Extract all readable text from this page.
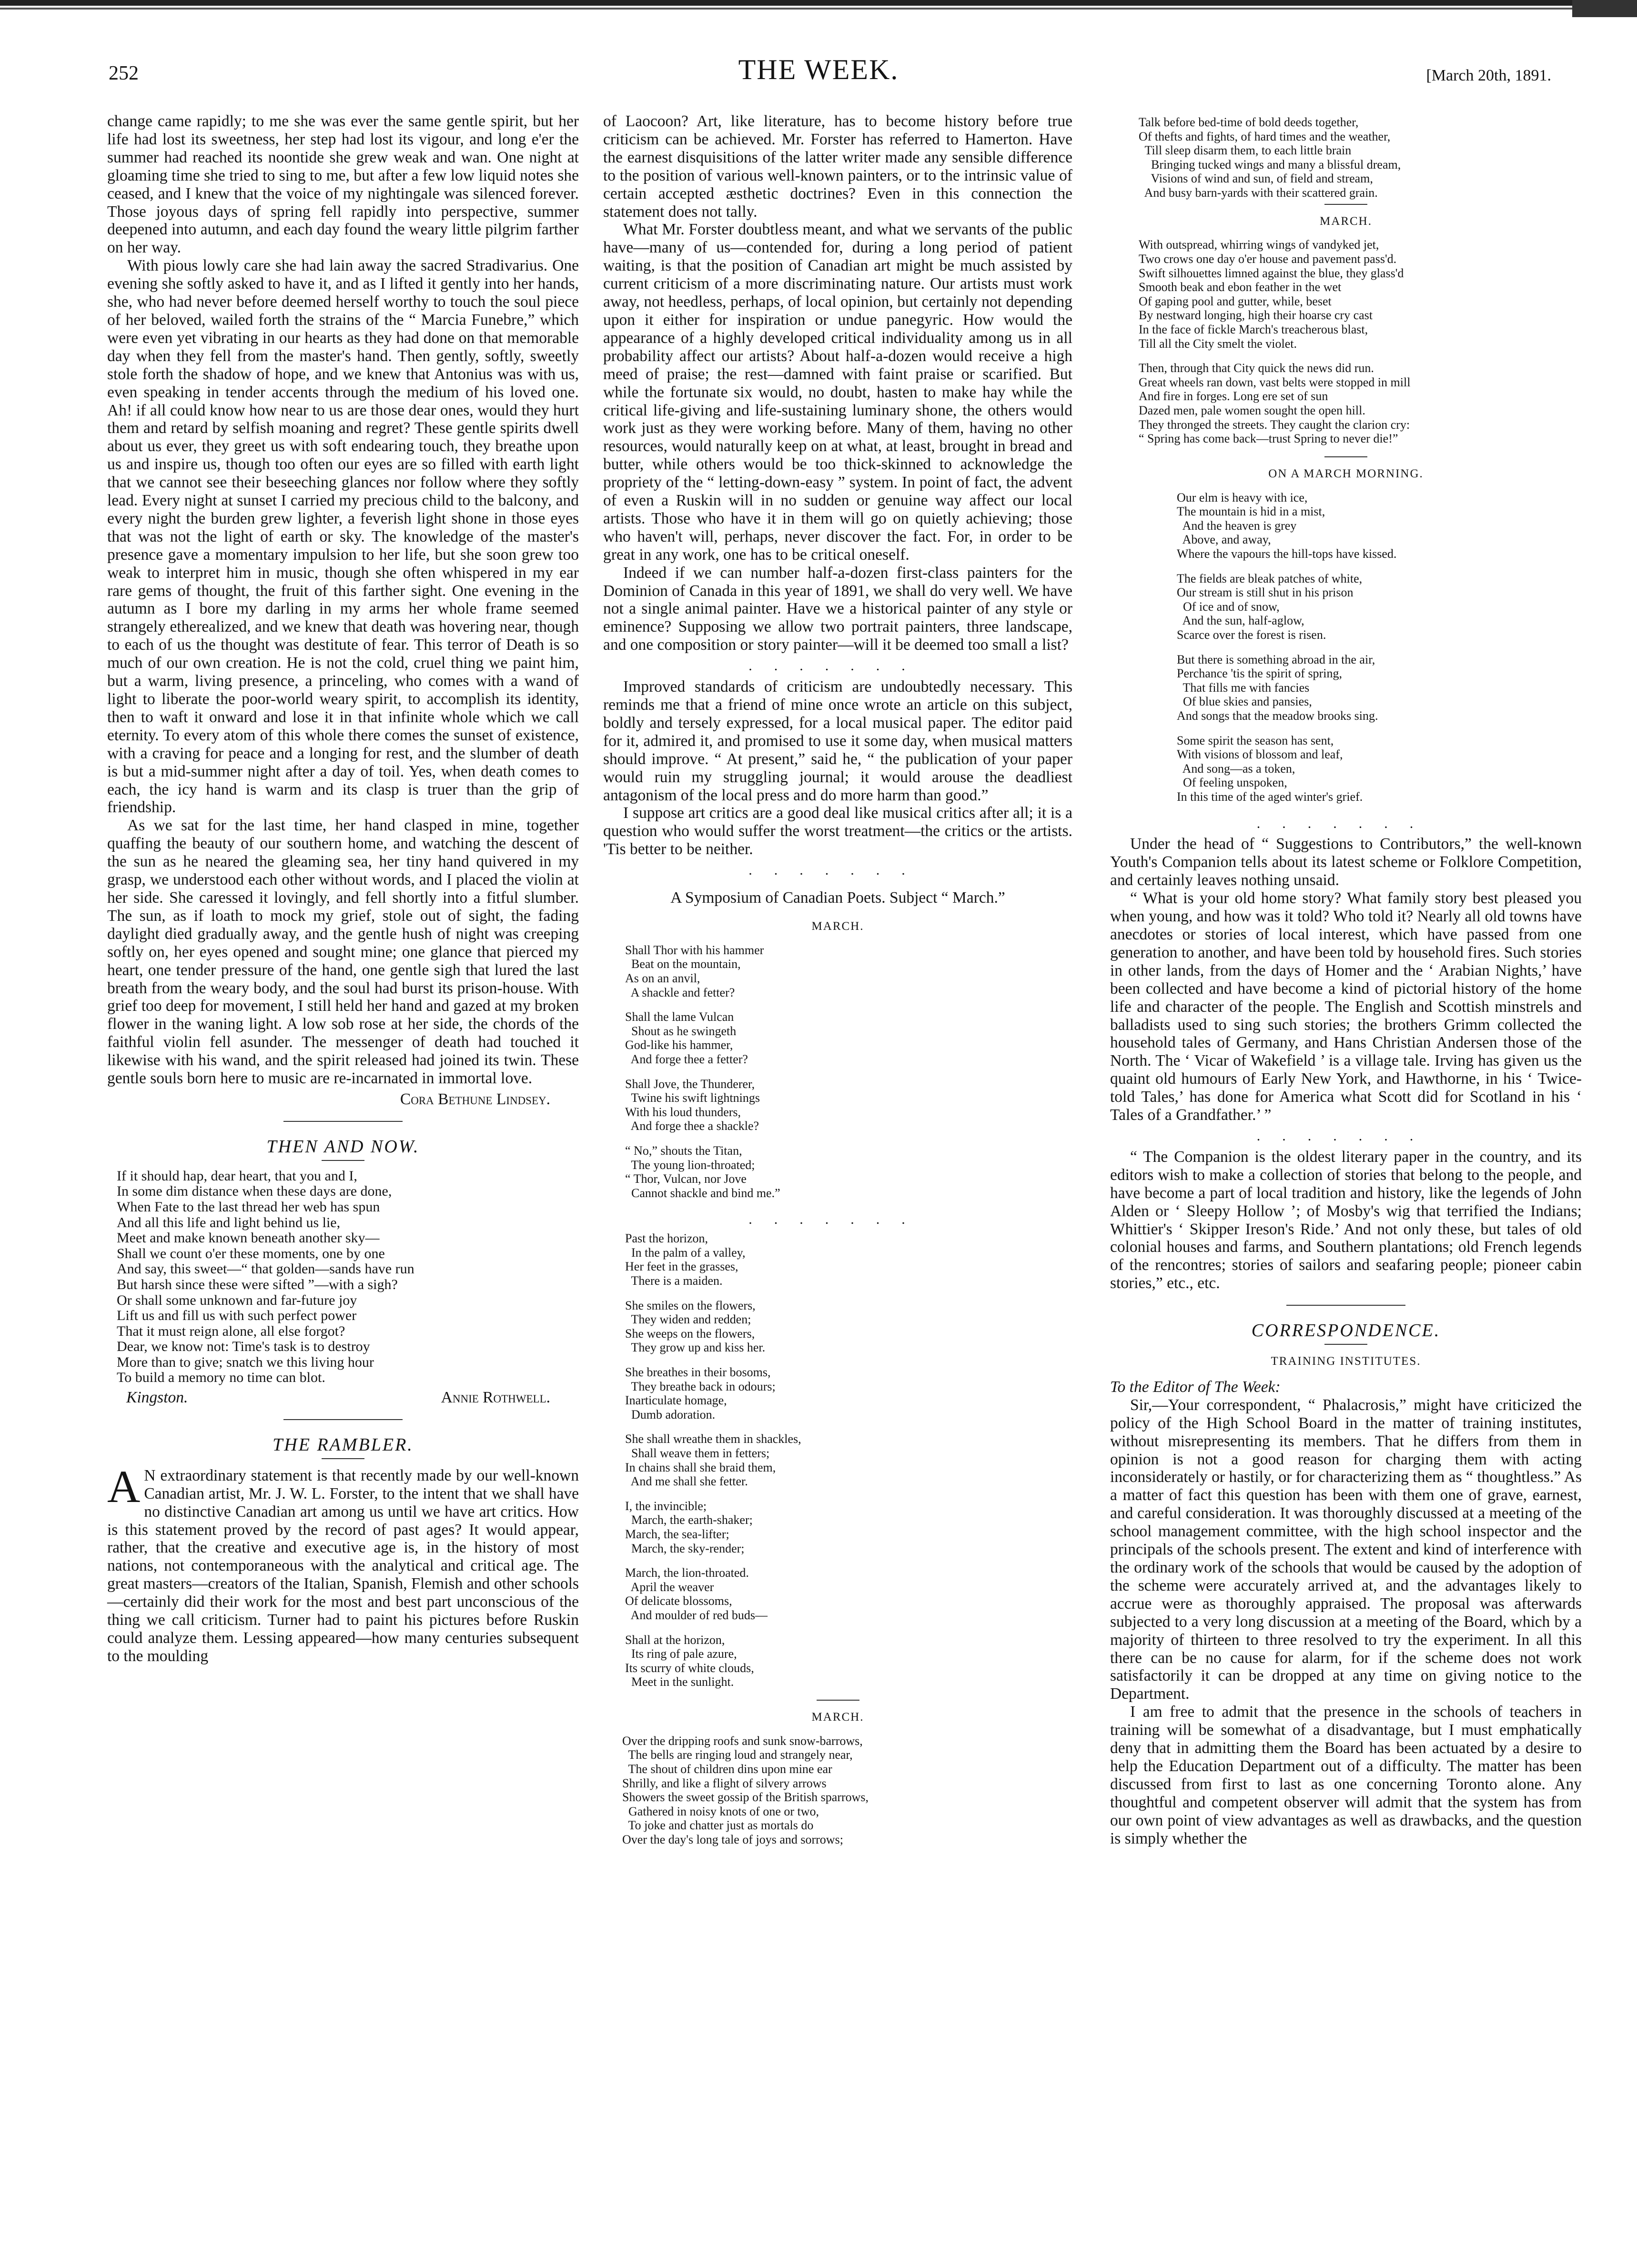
252	THE WEEK.	[March 20th, 1891.

change came rapidly; to me she was ever the same gentle spirit, but her life had lost its sweetness, her step had lost its vigour, and long e'er the summer had reached its noontide she grew weak and wan. One night at gloaming time she tried to sing to me, but after a few low liquid notes she ceased, and I knew that the voice of my nightingale was silenced forever. Those joyous days of spring fell rapidly into perspective, summer deepened into autumn, and each day found the weary little pilgrim farther on her way.

With pious lowly care she had lain away the sacred Stradivarius. One evening she softly asked to have it, and as I lifted it gently into her hands, she, who had never before deemed herself worthy to touch the soul piece of her beloved, wailed forth the strains of the “ Marcia Funebre,” which were even yet vibrating in our hearts as they had done on that memorable day when they fell from the master's hand. Then gently, softly, sweetly stole forth the shadow of hope, and we knew that Antonius was with us, even speaking in tender accents through the medium of his loved one. Ah! if all could know how near to us are those dear ones, would they hurt them and retard by selfish moaning and regret? These gentle spirits dwell about us ever, they greet us with soft endearing touch, they breathe upon us and inspire us, though too often our eyes are so filled with earth light that we cannot see their beseeching glances nor follow where they softly lead. Every night at sunset I carried my precious child to the balcony, and every night the burden grew lighter, a feverish light shone in those eyes that was not the light of earth or sky. The knowledge of the master's presence gave a momentary impulsion to her life, but she soon grew too weak to interpret him in music, though she often whispered in my ear rare gems of thought, the fruit of this farther sight. One evening in the autumn as I bore my darling in my arms her whole frame seemed strangely etherealized, and we knew that death was hovering near, though to each of us the thought was destitute of fear. This terror of Death is so much of our own creation. He is not the cold, cruel thing we paint him, but a warm, living presence, a princeling, who comes with a wand of light to liberate the poor-world weary spirit, to accomplish its identity, then to waft it onward and lose it in that infinite whole which we call eternity. To every atom of this whole there comes the sunset of existence, with a craving for peace and a longing for rest, and the slumber of death is but a mid-summer night after a day of toil. Yes, when death comes to each, the icy hand is warm and its clasp is truer than the grip of friendship.

As we sat for the last time, her hand clasped in mine, together quaffing the beauty of our southern home, and watching the descent of the sun as he neared the gleaming sea, her tiny hand quivered in my grasp, we understood each other without words, and I placed the violin at her side. She caressed it lovingly, and fell shortly into a fitful slumber. The sun, as if loath to mock my grief, stole out of sight, the fading daylight died gradually away, and the gentle hush of night was creeping softly on, her eyes opened and sought mine; one glance that pierced my heart, one tender pressure of the hand, one gentle sigh that lured the last breath from the weary body, and the soul had burst its prison-house. With grief too deep for movement, I still held her hand and gazed at my broken flower in the waning light. A low sob rose at her side, the chords of the faithful violin fell asunder. The messenger of death had touched it likewise with his wand, and the spirit released had joined its twin. These gentle souls born here to music are re-incarnated in immortal love.

Cora Bethune Lindsey.
THEN AND NOW.
If it should hap, dear heart, that you and I,
In some dim distance when these days are done,
When Fate to the last thread her web has spun
And all this life and light behind us lie,
Meet and make known beneath another sky—
Shall we count o'er these moments, one by one
And say, this sweet—“ that golden—sands have run
But harsh since these were sifted ”—with a sigh?
Or shall some unknown and far-future joy
Lift us and fill us with such perfect power
That it must reign alone, all else forgot?
Dear, we know not: Time's task is to destroy
More than to give; snatch we this living hour
To build a memory no time can blot.
Annie Rothwell.
Kingston.
THE RAMBLER.

A N extraordinary statement is that recently made by our well-known Canadian artist, Mr. J. W. L. Forster, to the intent that we shall have no distinctive Canadian art among us until we have art critics. How is this statement proved by the record of past ages? It would appear, rather, that the creative and executive age is, in the history of most nations, not contemporaneous with the analytical and critical age. The great masters—creators of the Italian, Spanish, Flemish and other schools—certainly did their work for the most and best part unconscious of the thing we call criticism. Turner had to paint his pictures before Ruskin could analyze them. Lessing appeared—how many centuries subsequent to the moulding

of Laocoon? Art, like literature, has to become history before true criticism can be achieved. Mr. Forster has referred to Hamerton. Have the earnest disquisitions of the latter writer made any sensible difference to the position of various well-known painters, or to the intrinsic value of certain accepted æsthetic doctrines? Even in this connection the statement does not tally.

What Mr. Forster doubtless meant, and what we servants of the public have—many of us—contended for, during a long period of patient waiting, is that the position of Canadian art might be much assisted by current criticism of a more discriminating nature. Our artists must work away, not heedless, perhaps, of local opinion, but certainly not depending upon it either for inspiration or undue panegyric. How would the appearance of a highly developed critical individuality among us in all probability affect our artists? About half-a-dozen would receive a high meed of praise; the rest—damned with faint praise or scarified. But while the fortunate six would, no doubt, hasten to make hay while the critical life-giving and life-sustaining luminary shone, the others would work just as they were working before. Many of them, having no other resources, would naturally keep on at what, at least, brought in bread and butter, while others would be too thick-skinned to acknowledge the propriety of the “ letting-down-easy ” system. In point of fact, the advent of even a Ruskin will in no sudden or genuine way affect our local artists. Those who have it in them will go on quietly achieving; those who haven't will, perhaps, never discover the fact. For, in order to be great in any work, one has to be critical oneself.

Indeed if we can number half-a-dozen first-class painters for the Dominion of Canada in this year of 1891, we shall do very well. We have not a single animal painter. Have we a historical painter of any style or eminence? Supposing we allow two portrait painters, three landscape, and one composition or story painter—will it be deemed too small a list?

.......

Improved standards of criticism are undoubtedly necessary. This reminds me that a friend of mine once wrote an article on this subject, boldly and tersely expressed, for a local musical paper. The editor paid for it, admired it, and promised to use it some day, when musical matters should improve. “ At present,” said he, “ the publication of your paper would ruin my struggling journal; it would arouse the deadliest antagonism of the local press and do more harm than good.”

I suppose art critics are a good deal like musical critics after all; it is a question who would suffer the worst treatment—the critics or the artists. 'Tis better to be neither.

.......
A Symposium of Canadian Poets. Subject “ March.”
MARCH.
Shall Thor with his hammer
Beat on the mountain,
As on an anvil,
A shackle and fetter?
Shall the lame Vulcan
Shout as he swingeth
God-like his hammer,
And forge thee a fetter?
Shall Jove, the Thunderer,
Twine his swift lightnings
With his loud thunders,
And forge thee a shackle?
“ No,” shouts the Titan,
The young lion-throated;
“ Thor, Vulcan, nor Jove
Cannot shackle and bind me.”
.......
Past the horizon,
In the palm of a valley,
Her feet in the grasses,
There is a maiden.
She smiles on the flowers,
They widen and redden;
She weeps on the flowers,
They grow up and kiss her.
She breathes in their bosoms,
They breathe back in odours;
Inarticulate homage,
Dumb adoration.
She shall wreathe them in shackles,
Shall weave them in fetters;
In chains shall she braid them,
And me shall she fetter.
I, the invincible;
March, the earth-shaker;
March, the sea-lifter;
March, the sky-render;
March, the lion-throated.
April the weaver
Of delicate blossoms,
And moulder of red buds—
Shall at the horizon,
Its ring of pale azure,
Its scurry of white clouds,
Meet in the sunlight.
MARCH.
Over the dripping roofs and sunk snow-barrows,
The bells are ringing loud and strangely near,
The shout of children dins upon mine ear
Shrilly, and like a flight of silvery arrows
Showers the sweet gossip of the British sparrows,
Gathered in noisy knots of one or two,
To joke and chatter just as mortals do
Over the day's long tale of joys and sorrows;
Talk before bed-time of bold deeds together,
Of thefts and fights, of hard times and the weather,
Till sleep disarm them, to each little brain
Bringing tucked wings and many a blissful dream,
Visions of wind and sun, of field and stream,
And busy barn-yards with their scattered grain.
MARCH.
With outspread, whirring wings of vandyked jet,
Two crows one day o'er house and pavement pass'd.
Swift silhouettes limned against the blue, they glass'd
Smooth beak and ebon feather in the wet
Of gaping pool and gutter, while, beset
By nestward longing, high their hoarse cry cast
In the face of fickle March's treacherous blast,
Till all the City smelt the violet.
Then, through that City quick the news did run.
Great wheels ran down, vast belts were stopped in mill
And fire in forges. Long ere set of sun
Dazed men, pale women sought the open hill.
They thronged the streets. They caught the clarion cry:
“ Spring has come back—trust Spring to never die!”
ON A MARCH MORNING.
Our elm is heavy with ice,
The mountain is hid in a mist,
And the heaven is grey
Above, and away,
Where the vapours the hill-tops have kissed.
The fields are bleak patches of white,
Our stream is still shut in his prison
Of ice and of snow,
And the sun, half-aglow,
Scarce over the forest is risen.
But there is something abroad in the air,
Perchance 'tis the spirit of spring,
That fills me with fancies
Of blue skies and pansies,
And songs that the meadow brooks sing.
Some spirit the season has sent,
With visions of blossom and leaf,
And song—as a token,
Of feeling unspoken,
In this time of the aged winter's grief.
.......

Under the head of “ Suggestions to Contributors,” the well-known Youth's Companion tells about its latest scheme or Folklore Competition, and certainly leaves nothing unsaid.

“ What is your old home story? What family story best pleased you when young, and how was it told? Who told it? Nearly all old towns have anecdotes or stories of local interest, which have passed from one generation to another, and have been told by household fires. Such stories in other lands, from the days of Homer and the ‘ Arabian Nights,’ have been collected and have become a kind of pictorial history of the home life and character of the people. The English and Scottish minstrels and balladists used to sing such stories; the brothers Grimm collected the household tales of Germany, and Hans Christian Andersen those of the North. The ‘ Vicar of Wakefield ’ is a village tale. Irving has given us the quaint old humours of Early New York, and Hawthorne, in his ‘ Twice-told Tales,’ has done for America what Scott did for Scotland in his ‘ Tales of a Grandfather.’ ”

.......

“ The Companion is the oldest literary paper in the country, and its editors wish to make a collection of stories that belong to the people, and have become a part of local tradition and history, like the legends of John Alden or ‘ Sleepy Hollow ’; of Mosby's wig that terrified the Indians; Whittier's ‘ Skipper Ireson's Ride.’ And not only these, but tales of old colonial houses and farms, and Southern plantations; old French legends of the rencontres; stories of sailors and seafaring people; pioneer cabin stories,” etc., etc.

CORRESPONDENCE.
TRAINING INSTITUTES.

To the Editor of The Week:

Sir,—Your correspondent, “ Phalacrosis,” might have criticized the policy of the High School Board in the matter of training institutes, without misrepresenting its members. That he differs from them in opinion is not a good reason for charging them with acting inconsiderately or hastily, or for characterizing them as “ thoughtless.” As a matter of fact this question has been with them one of grave, earnest, and careful consideration. It was thoroughly discussed at a meeting of the school management committee, with the high school inspector and the principals of the schools present. The extent and kind of interference with the ordinary work of the schools that would be caused by the adoption of the scheme were accurately arrived at, and the advantages likely to accrue were as thoroughly appraised. The proposal was afterwards subjected to a very long discussion at a meeting of the Board, which by a majority of thirteen to three resolved to try the experiment. In all this there can be no cause for alarm, for if the scheme does not work satisfactorily it can be dropped at any time on giving notice to the Department.

I am free to admit that the presence in the schools of teachers in training will be somewhat of a disadvantage, but I must emphatically deny that in admitting them the Board has been actuated by a desire to help the Education Department out of a difficulty. The matter has been discussed from first to last as one concerning Toronto alone. Any thoughtful and competent observer will admit that the system has from our own point of view advantages as well as drawbacks, and the question is simply whether the
